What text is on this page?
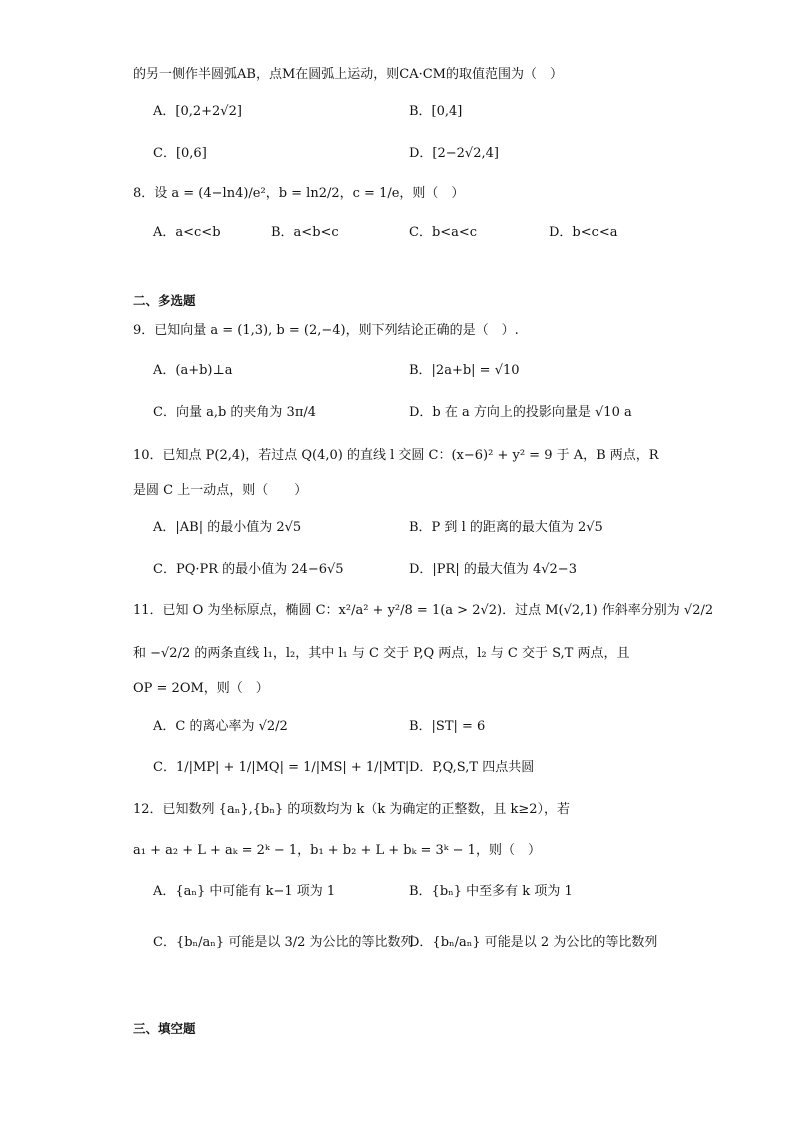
的另一侧作半圆弧AB，点M在圆弧上运动，则CA·CM的取值范围为（　）
A．[0,2+2√2]	B．[0,4]
C．[0,6]	D．[2−2√2,4]
8．设 a = (4−ln4)/e²，b = ln2/2，c = 1/e，则（　）
A．a<c<b	B．a<b<c	C．b<a<c	D．b<c<a
二、多选题
9．已知向量 a = (1,3), b = (2,−4)，则下列结论正确的是（　）.
A．(a+b)⊥a	B．|2a+b| = √10
C．向量 a,b 的夹角为 3π/4	D．b 在 a 方向上的投影向量是 √10 a
10．已知点 P(2,4)，若过点 Q(4,0) 的直线 l 交圆 C：(x−6)² + y² = 9 于 A，B 两点，R
是圆 C 上一动点，则（　　）
A．|AB| 的最小值为 2√5	B．P 到 l 的距离的最大值为 2√5
C．PQ·PR 的最小值为 24−6√5	D．|PR| 的最大值为 4√2−3
11．已知 O 为坐标原点，椭圆 C：x²/a² + y²/8 = 1(a > 2√2)．过点 M(√2,1) 作斜率分别为 √2/2
和 −√2/2 的两条直线 l₁，l₂，其中 l₁ 与 C 交于 P,Q 两点，l₂ 与 C 交于 S,T 两点，且
OP = 2OM，则（　）
A．C 的离心率为 √2/2	B．|ST| = 6
C．1/|MP| + 1/|MQ| = 1/|MS| + 1/|MT| D．P,Q,S,T 四点共圆
12．已知数列 {aₙ},{bₙ} 的项数均为 k（k 为确定的正整数，且 k≥2），若
a₁ + a₂ + L + aₖ = 2ᵏ − 1，b₁ + b₂ + L + bₖ = 3ᵏ − 1，则（　）
A．{aₙ} 中可能有 k−1 项为 1	B．{bₙ} 中至多有 k 项为 1
C．{bₙ/aₙ} 可能是以 3/2 为公比的等比数列
D．{bₙ/aₙ} 可能是以 2 为公比的等比数列
三、填空题
